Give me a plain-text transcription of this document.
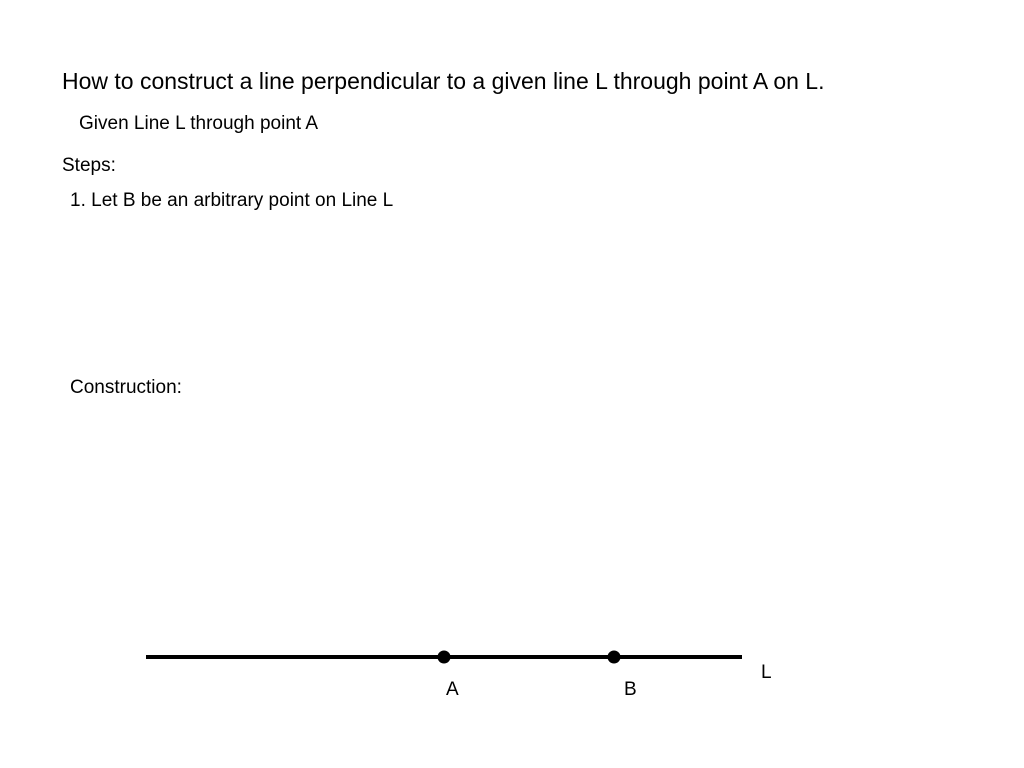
How to construct a line perpendicular to a given line L through point A on L.
Given Line L through point A
Steps:
1. Let B be an arbitrary point on Line L
Construction:
A	B
L
